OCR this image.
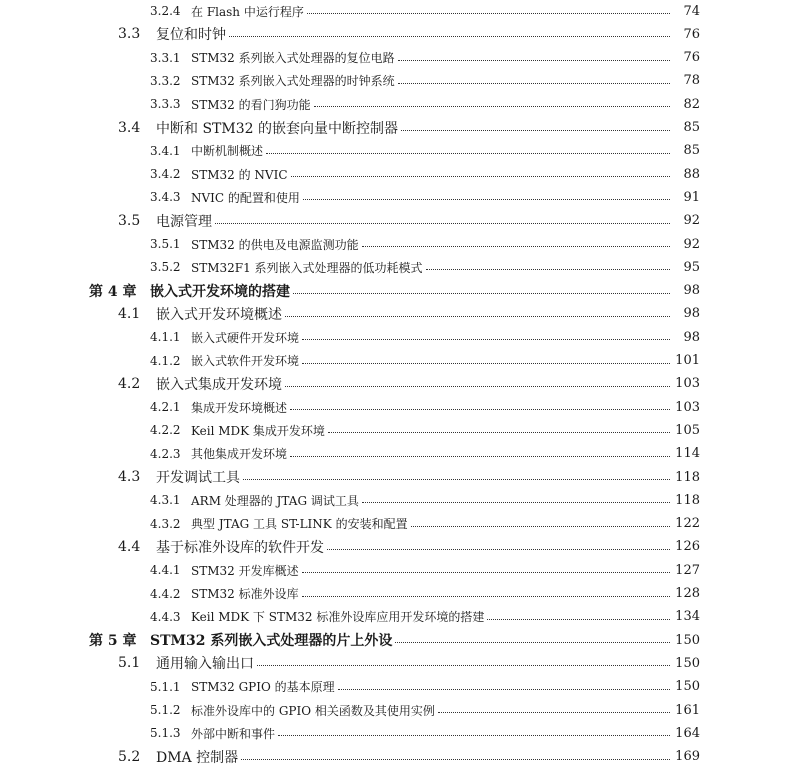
3.2.4 在 Flash 中运行程序	74
3.3 复位和时钟	76
3.3.1 STM32 系列嵌入式处理器的复位电路	76
3.3.2 STM32 系列嵌入式处理器的时钟系统	78
3.3.3 STM32 的看门狗功能	82
3.4 中断和 STM32 的嵌套向量中断控制器	85
3.4.1 中断机制概述	85
3.4.2 STM32 的 NVIC	88
3.4.3 NVIC 的配置和使用	91
3.5 电源管理	92
3.5.1 STM32 的供电及电源监测功能	92
3.5.2 STM32F1 系列嵌入式处理器的低功耗模式	95
第 4 章 嵌入式开发环境的搭建	98
4.1 嵌入式开发环境概述	98
4.1.1 嵌入式硬件开发环境	98
4.1.2 嵌入式软件开发环境	101
4.2 嵌入式集成开发环境	103
4.2.1 集成开发环境概述	103
4.2.2 Keil MDK 集成开发环境	105
4.2.3 其他集成开发环境	114
4.3 开发调试工具	118
4.3.1 ARM 处理器的 JTAG 调试工具	118
4.3.2 典型 JTAG 工具 ST-LINK 的安装和配置	122
4.4 基于标准外设库的软件开发	126
4.4.1 STM32 开发库概述	127
4.4.2 STM32 标准外设库	128
4.4.3 Keil MDK 下 STM32 标准外设库应用开发环境的搭建	134
第 5 章 STM32 系列嵌入式处理器的片上外设	150
5.1 通用输入输出口	150
5.1.1 STM32 GPIO 的基本原理	150
5.1.2 标准外设库中的 GPIO 相关函数及其使用实例	161
5.1.3 外部中断和事件	164
5.2 DMA 控制器	169
